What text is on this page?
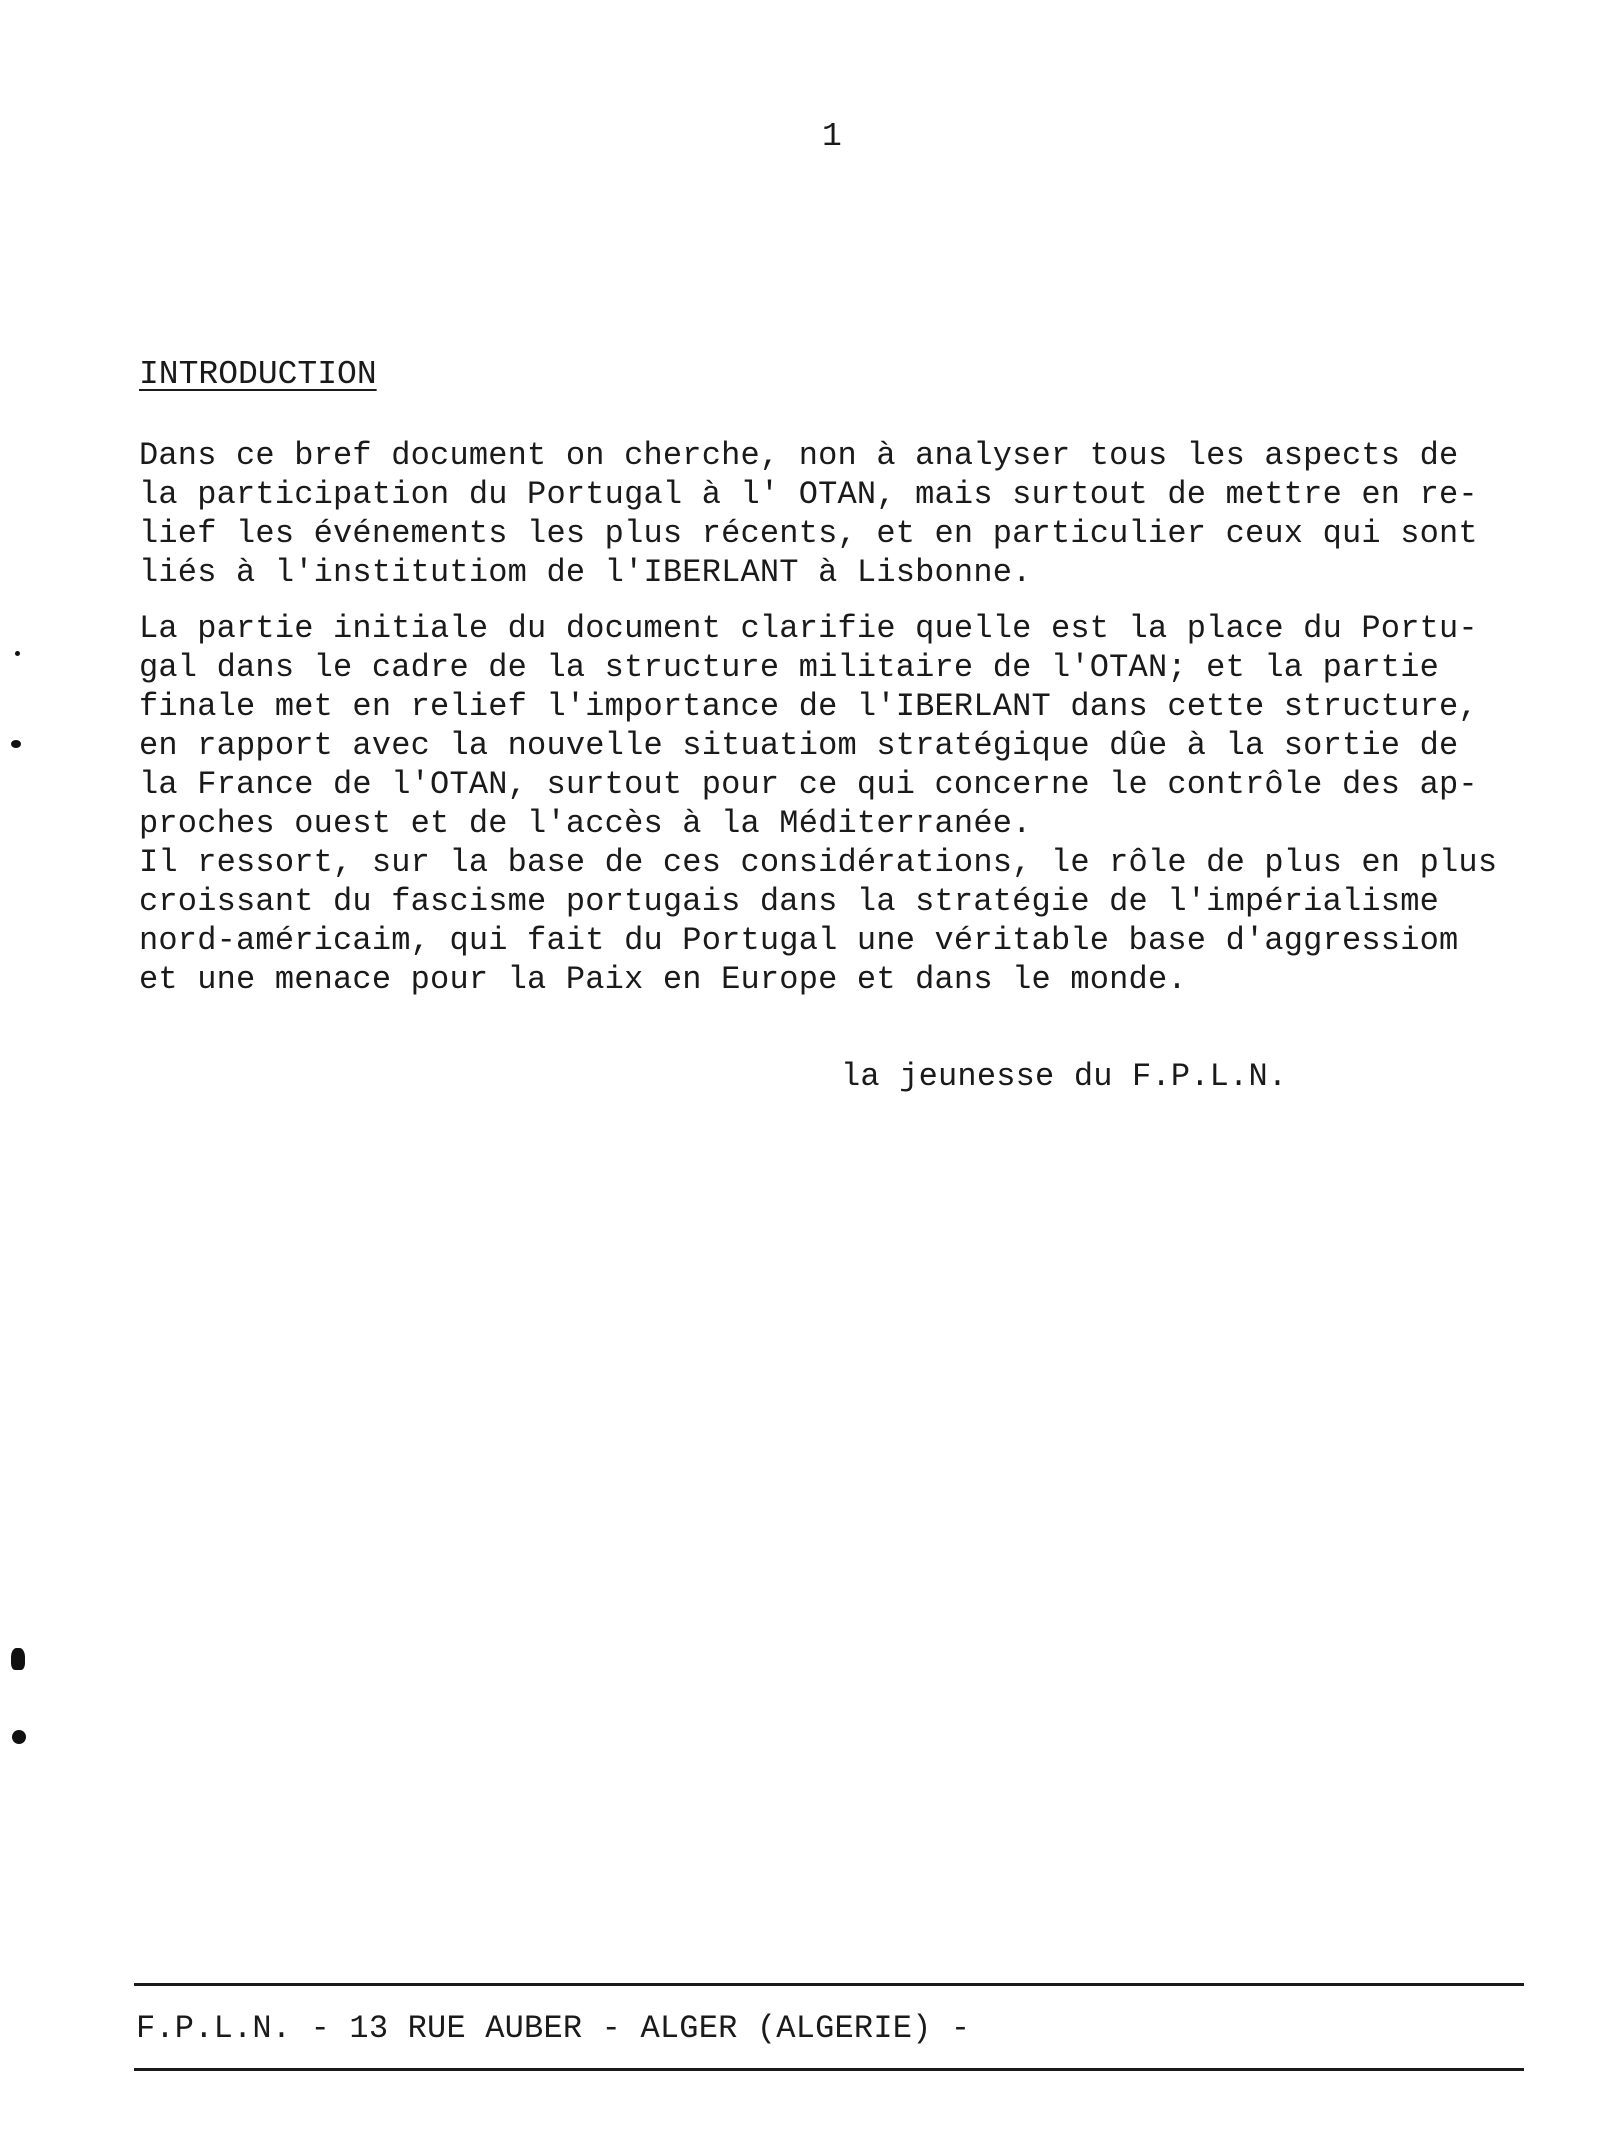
1
INTRODUCTION
Dans ce bref document on cherche, non à analyser tous les aspects de
la participation du Portugal à l' OTAN, mais surtout de mettre en re-
lief les événements les plus récents, et en particulier ceux qui sont
liés à l'institutiom de l'IBERLANT à Lisbonne.
La partie initiale du document clarifie quelle est la place du Portu-
gal dans le cadre de la structure militaire de l'OTAN; et la partie
finale met en relief l'importance de l'IBERLANT dans cette structure,
en rapport avec la nouvelle situatiom stratégique dûe à la sortie de
la France de l'OTAN, surtout pour ce qui concerne le contrôle des ap-
proches ouest et de l'accès à la Méditerranée.
Il ressort, sur la base de ces considérations, le rôle de plus en plus
croissant du fascisme portugais dans la stratégie de l'impérialisme
nord-américaim, qui fait du Portugal une véritable base d'aggressiom
et une menace pour la Paix en Europe et dans le monde.
la jeunesse du F.P.L.N.
F.P.L.N. - 13 RUE AUBER - ALGER (ALGERIE) -
